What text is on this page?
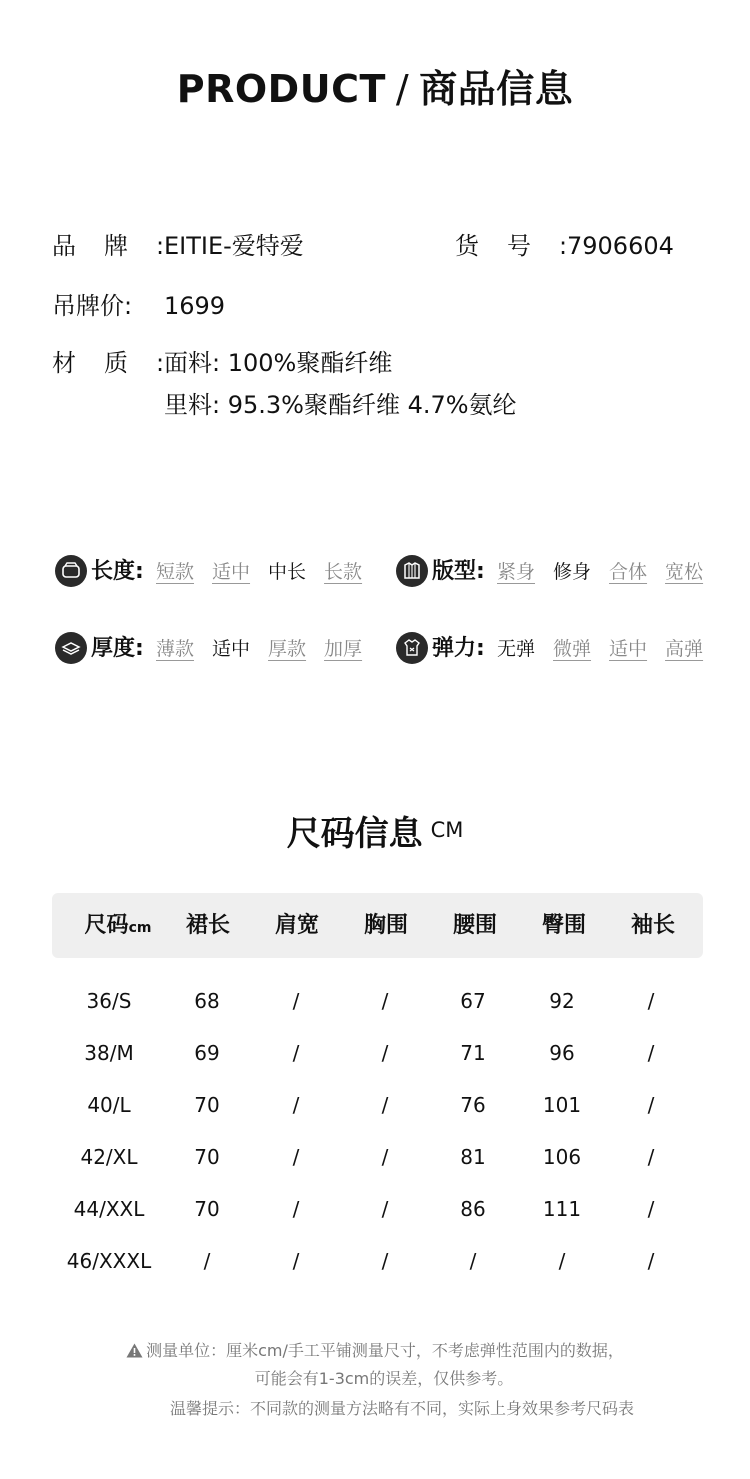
PRODUCT / 商品信息
品牌:EITIE-爱特爱	货号:7906604
吊牌价: 1699
材质:面料: 100%聚酯纤维
里料: 95.3%聚酯纤维 4.7%氨纶
长度: 短款 适中 中长 长款	版型: 紧身 修身 合体 宽松
厚度: 薄款 适中 厚款 加厚	弹力: 无弹 微弹 适中 高弹
尺码信息 $^{CM}$
尺码cm	裙长	肩宽	胸围	腰围	臀围	袖长
36/S	68	/	/	67	92	/
38/M	69	/	/	71	96	/
40/L	70	/	/	76	101	/
42/XL	70	/	/	81	106	/
44/XXL	70	/	/	86	111	/
46/XXXL	/	/	/	/	/	/
测量单位：厘米cm/手工平铺测量尺寸，不考虑弹性范围内的数据，
可能会有1-3cm的误差，仅供参考。
温馨提示：不同款的测量方法略有不同，实际上身效果参考尺码表
